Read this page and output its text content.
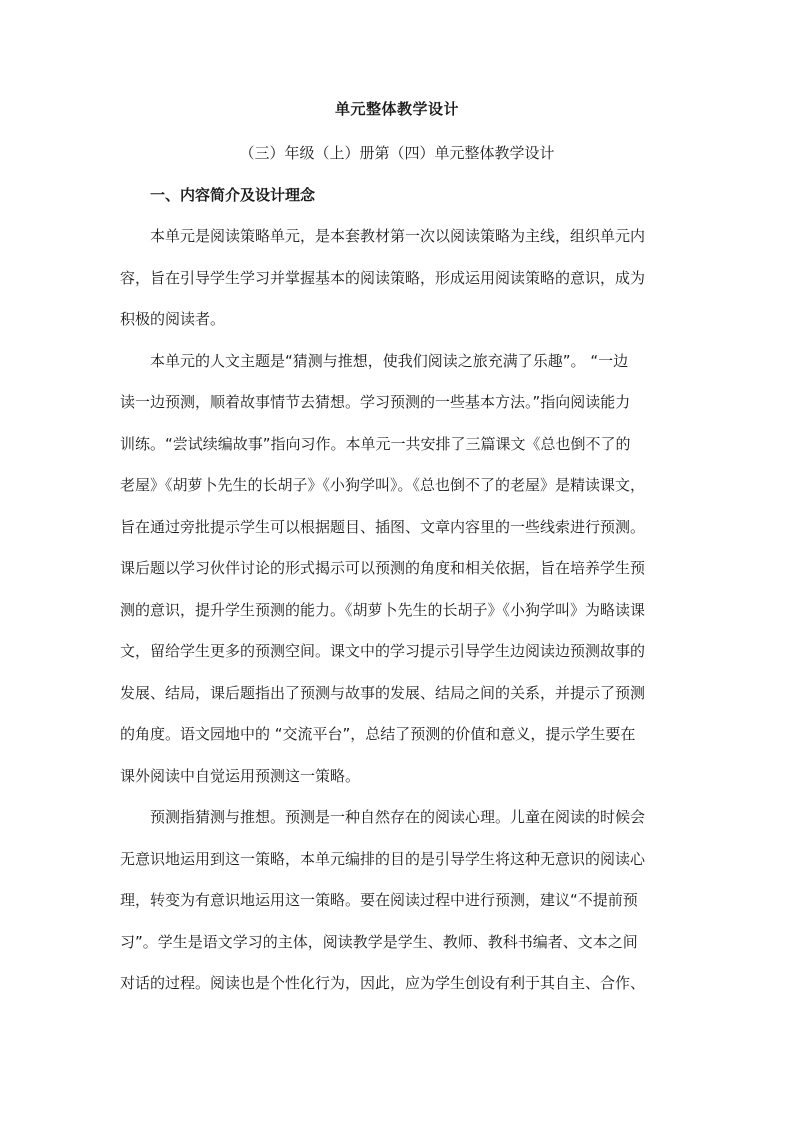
单元整体教学设计
（三）年级（上）册第（四）单元整体教学设计
一、内容简介及设计理念
本单元是阅读策略单元，是本套教材第一次以阅读策略为主线，组织单元内
容，旨在引导学生学习并掌握基本的阅读策略，形成运用阅读策略的意识，成为
积极的阅读者。
本单元的人文主题是“猜测与推想，使我们阅读之旅充满了乐趣”。 “一边
读一边预测，顺着故事情节去猜想。学习预测的一些基本方法。”指向阅读能力
训练。“尝试续编故事”指向习作。本单元一共安排了三篇课文《总也倒不了的
老屋》《胡萝卜先生的长胡子》《小狗学叫》。《总也倒不了的老屋》是精读课文，
旨在通过旁批提示学生可以根据题目、插图、文章内容里的一些线索进行预测。
课后题以学习伙伴讨论的形式揭示可以预测的角度和相关依据，旨在培养学生预
测的意识，提升学生预测的能力。《胡萝卜先生的长胡子》《小狗学叫》为略读课
文，留给学生更多的预测空间。课文中的学习提示引导学生边阅读边预测故事的
发展、结局，课后题指出了预测与故事的发展、结局之间的关系，并提示了预测
的角度。语文园地中的 “交流平台”，总结了预测的价值和意义，提示学生要在
课外阅读中自觉运用预测这一策略。
预测指猜测与推想。预测是一种自然存在的阅读心理。儿童在阅读的时候会
无意识地运用到这一策略，本单元编排的目的是引导学生将这种无意识的阅读心
理，转变为有意识地运用这一策略。要在阅读过程中进行预测，建议“不提前预
习”。学生是语文学习的主体，阅读教学是学生、教师、教科书编者、文本之间
对话的过程。阅读也是个性化行为，因此，应为学生创设有利于其自主、合作、
